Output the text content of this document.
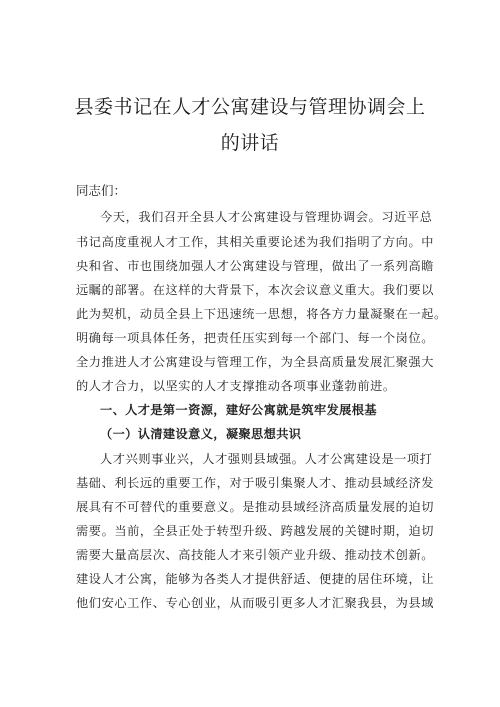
县委书记在人才公寓建设与管理协调会上
的讲话
同志们：
今天，我们召开全县人才公寓建设与管理协调会。习近平总
书记高度重视人才工作，其相关重要论述为我们指明了方向。中
央和省、市也围绕加强人才公寓建设与管理，做出了一系列高瞻
远瞩的部署。在这样的大背景下，本次会议意义重大。我们要以
此为契机，动员全县上下迅速统一思想，将各方力量凝聚在一起。
明确每一项具体任务，把责任压实到每一个部门、每一个岗位。
全力推进人才公寓建设与管理工作，为全县高质量发展汇聚强大
的人才合力，以坚实的人才支撑推动各项事业蓬勃前进。
一、人才是第一资源，建好公寓就是筑牢发展根基
（一）认清建设意义，凝聚思想共识
人才兴则事业兴，人才强则县域强。人才公寓建设是一项打
基础、利长远的重要工作，对于吸引集聚人才、推动县域经济发
展具有不可替代的重要意义。是推动县域经济高质量发展的迫切
需要。当前，全县正处于转型升级、跨越发展的关键时期，迫切
需要大量高层次、高技能人才来引领产业升级、推动技术创新。
建设人才公寓，能够为各类人才提供舒适、便捷的居住环境，让
他们安心工作、专心创业，从而吸引更多人才汇聚我县，为县域
